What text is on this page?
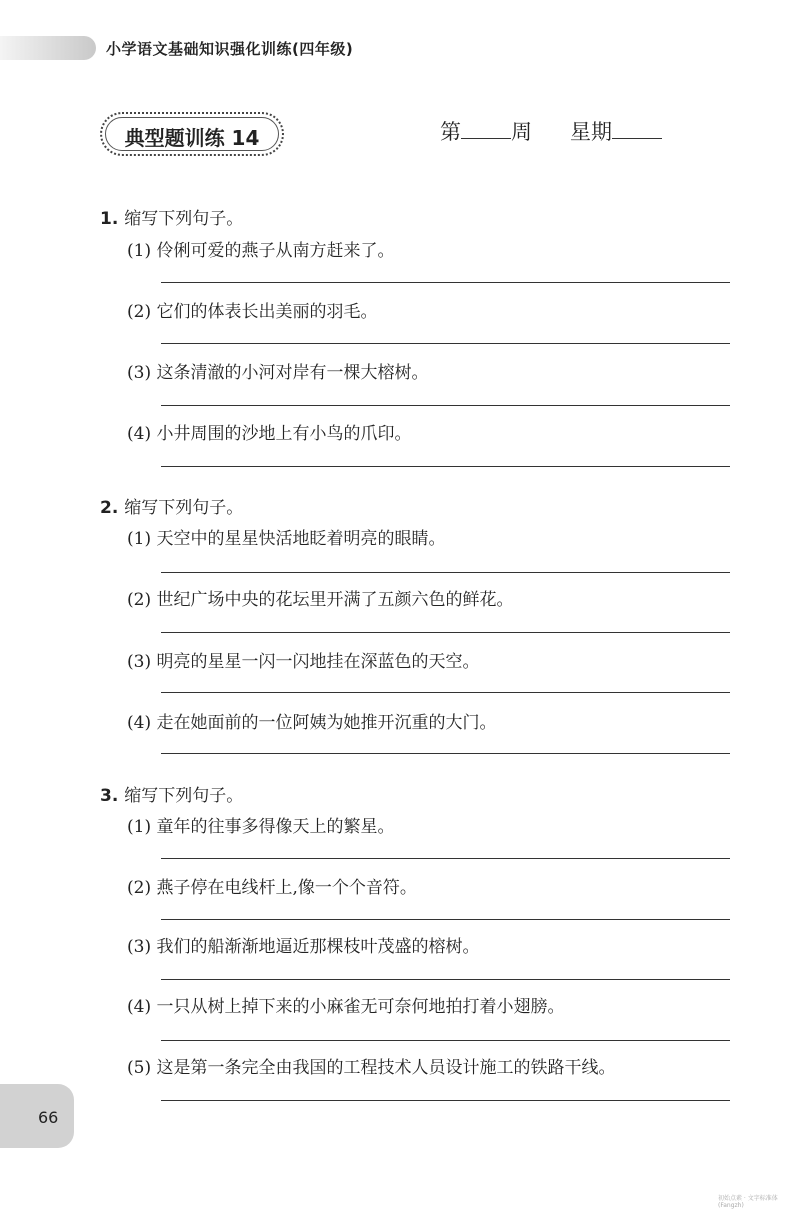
小学语文基础知识强化训练(四年级)
典型题训练 14	第 周 星期
1. 缩写下列句子。
(1) 伶俐可爱的燕子从南方赶来了。
(2) 它们的体表长出美丽的羽毛。
(3) 这条清澈的小河对岸有一棵大榕树。
(4) 小井周围的沙地上有小鸟的爪印。
2. 缩写下列句子。
(1) 天空中的星星快活地眨着明亮的眼睛。
(2) 世纪广场中央的花坛里开满了五颜六色的鲜花。
(3) 明亮的星星一闪一闪地挂在深蓝色的天空。
(4) 走在她面前的一位阿姨为她推开沉重的大门。
3. 缩写下列句子。
(1) 童年的往事多得像天上的繁星。
(2) 燕子停在电线杆上,像一个个音符。
(3) 我们的船渐渐地逼近那棵枝叶茂盛的榕树。
(4) 一只从树上掉下来的小麻雀无可奈何地拍打着小翅膀。
(5) 这是第一条完全由我国的工程技术人员设计施工的铁路干线。
66
初始点素 · 文字标准体 (Fangzh)
